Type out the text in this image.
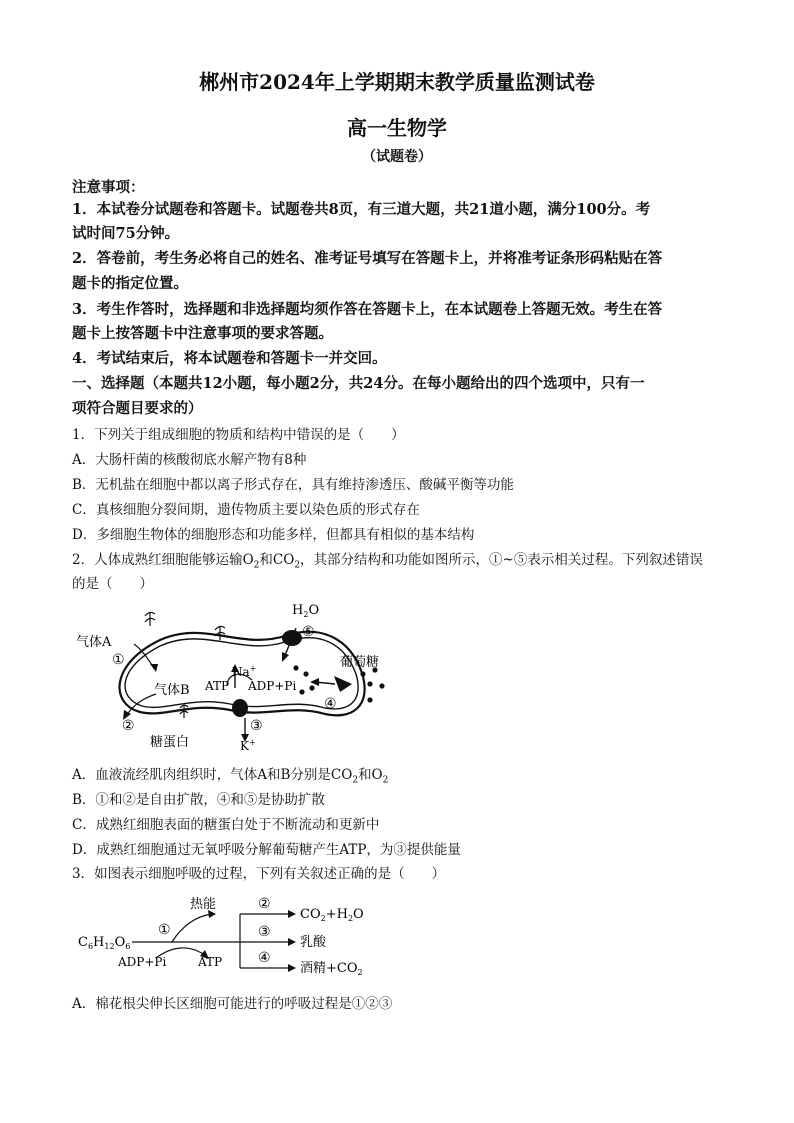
郴州市2024年上学期期末教学质量监测试卷
高一生物学
（试题卷）
注意事项：
1．本试卷分试题卷和答题卡。试题卷共8页，有三道大题，共21道小题，满分100分。考
试时间75分钟。
2．答卷前，考生务必将自己的姓名、准考证号填写在答题卡上，并将准考证条形码粘贴在答
题卡的指定位置。
3．考生作答时，选择题和非选择题均须作答在答题卡上，在本试题卷上答题无效。考生在答
题卡上按答题卡中注意事项的要求答题。
4．考试结束后，将本试题卷和答题卡一并交回。
一、选择题（本题共12小题，每小题2分，共24分。在每小题给出的四个选项中，只有一
项符合题目要求的）
1．下列关于组成细胞的物质和结构中错误的是（　　）
A．大肠杆菌的核酸彻底水解产物有8种
B．无机盐在细胞中都以离子形式存在，具有维持渗透压、酸碱平衡等功能
C．真核细胞分裂间期，遗传物质主要以染色质的形式存在
D．多细胞生物体的细胞形态和功能多样，但都具有相似的基本结构
2．人体成熟红细胞能够运输$O_2$和$CO_2$，其部分结构和功能如图所示，①~⑤表示相关过程。下列叙述错误
的是（　　）
气体A
①
气体B
②
糖蛋白
$H_2O$
⑤
葡萄糖
④
Na+
ATP ADP+Pi
③
K+
A．血液流经肌肉组织时，气体A和B分别是$CO_2$和$O_2$
B．①和②是自由扩散，④和⑤是协助扩散
C．成熟红细胞表面的糖蛋白处于不断流动和更新中
D．成熟红细胞通过无氧呼吸分解葡萄糖产生ATP，为③提供能量
3．如图表示细胞呼吸的过程，下列有关叙述正确的是（　　）
$C_6H_{12}O_6$
热能
①
ADP+Pi	ATP
②
③
④
$CO_2+H_2O$
乳酸
酒精$+CO_2$
A．棉花根尖伸长区细胞可能进行的呼吸过程是①②③
